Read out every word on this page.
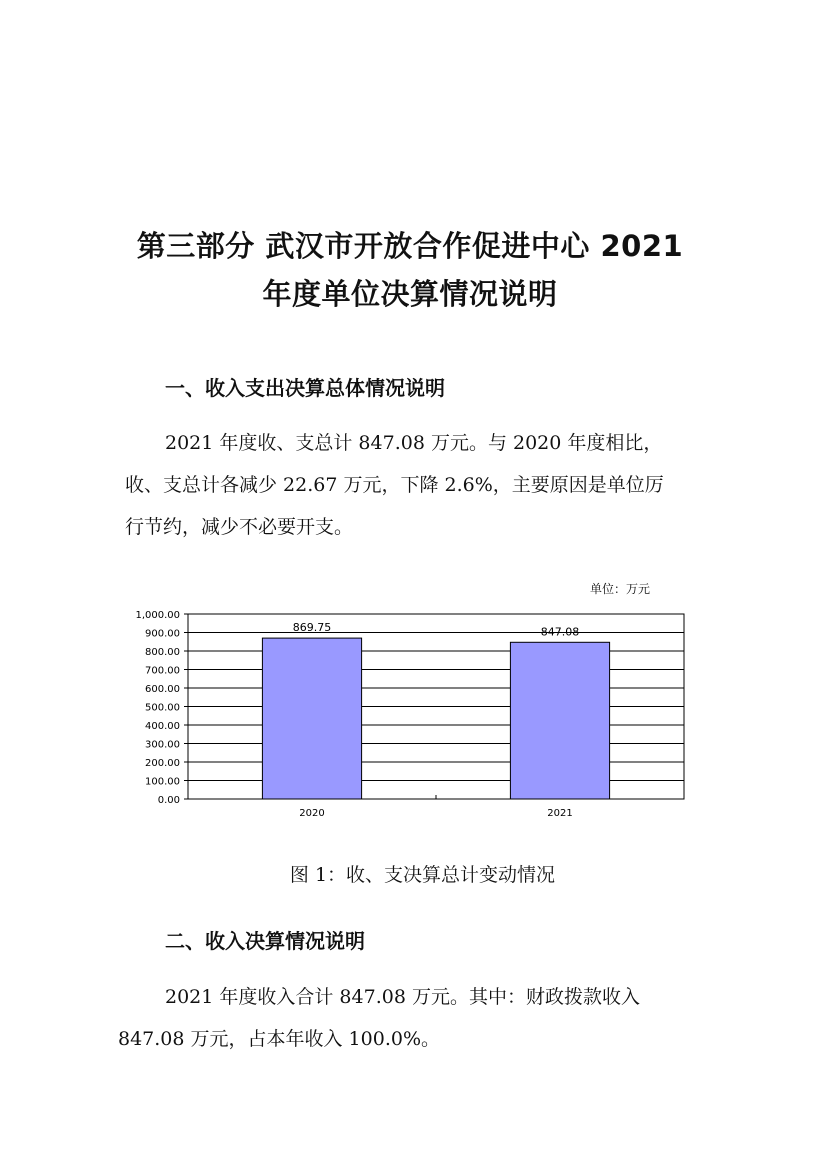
第三部分 武汉市开放合作促进中心 2021
年度单位决算情况说明
一、收入支出决算总体情况说明
2021 年度收、支总计 847.08 万元。与 2020 年度相比，
收、支总计各减少 22.67 万元，下降 2.6%，主要原因是单位厉
行节约，减少不必要开支。
单位：万元
869.75	847.08
0.00
100.00
200.00
300.00
400.00
500.00
600.00
700.00
800.00
900.00
1,000.00
2020	2021
图 1：收、支决算总计变动情况
二、收入决算情况说明
2021 年度收入合计 847.08 万元。其中：财政拨款收入
847.08 万元，占本年收入 100.0%。
